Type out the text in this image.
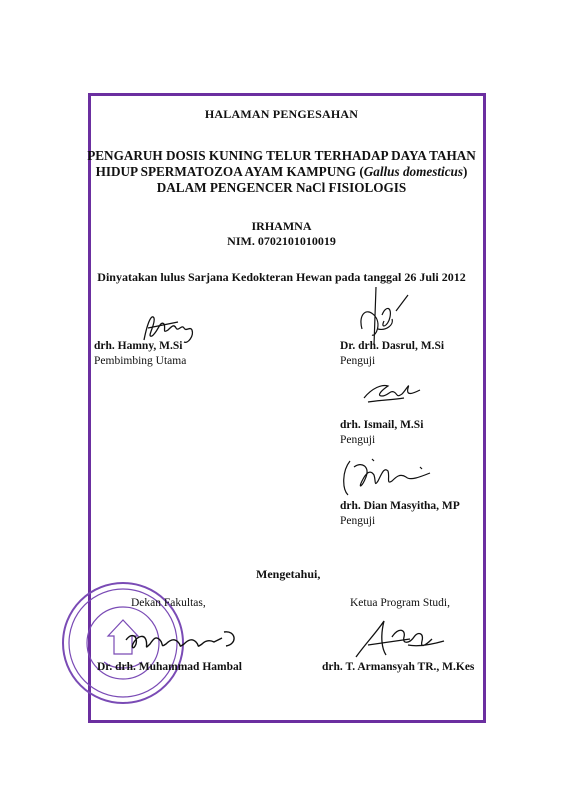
HALAMAN PENGESAHAN
PENGARUH DOSIS KUNING TELUR TERHADAP DAYA TAHAN
HIDUP SPERMATOZOA AYAM KAMPUNG (Gallus domesticus)
DALAM PENGENCER NaCl FISIOLOGIS
IRHAMNA
NIM. 0702101010019
Dinyatakan lulus Sarjana Kedokteran Hewan pada tanggal 26 Juli 2012
drh. Hamny, M.Si
Pembimbing Utama
Dr. drh. Dasrul, M.Si
Penguji
drh. Ismail, M.Si
Penguji
drh. Dian Masyitha, MP
Penguji
Mengetahui,
Dekan Fakultas,
Dr. drh. Muhammad Hambal
Ketua Program Studi,
drh. T. Armansyah TR., M.Kes
